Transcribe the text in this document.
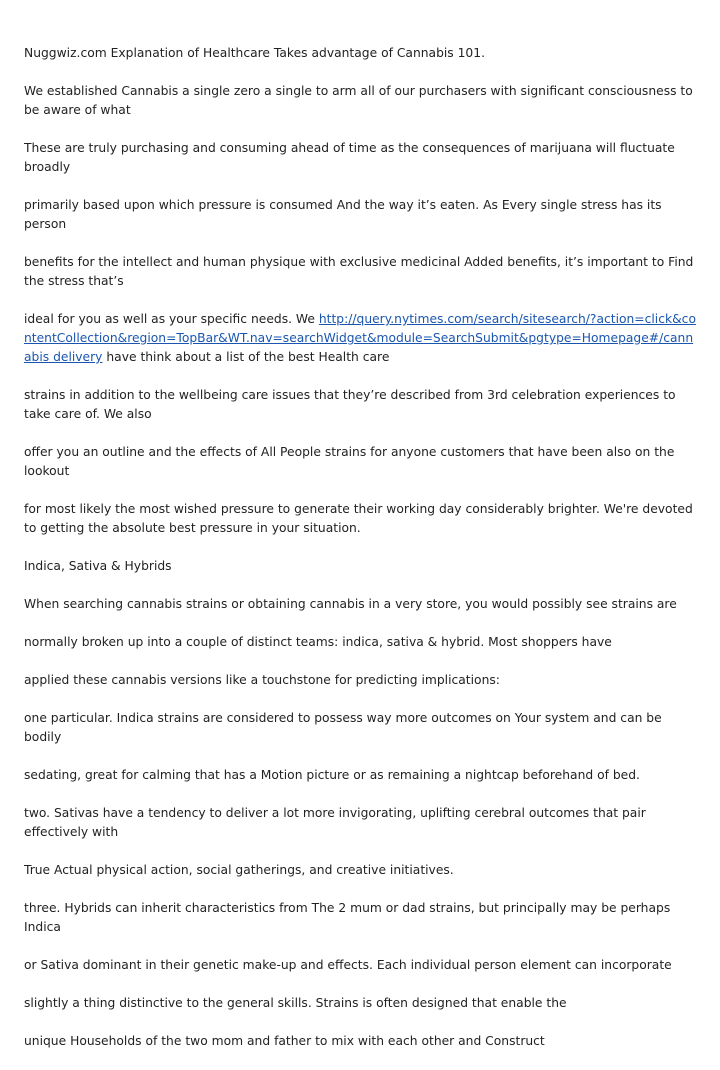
Nuggwiz.com Explanation of Healthcare Takes advantage of Cannabis 101.

We established Cannabis a single zero a single to arm all of our purchasers with significant consciousness to be aware of what

These are truly purchasing and consuming ahead of time as the consequences of marijuana will fluctuate broadly

primarily based upon which pressure is consumed And the way it’s eaten. As Every single stress has its person

benefits for the intellect and human physique with exclusive medicinal Added benefits, it’s important to Find the stress that’s

ideal for you as well as your specific needs. We http://query.nytimes.com/search/sitesearch/?action=click&contentCollection&region=TopBar&WT.nav=searchWidget&module=SearchSubmit&pgtype=Homepage#/cannabis delivery have think about a list of the best Health care

strains in addition to the wellbeing care issues that they’re described from 3rd celebration experiences to take care of. We also

offer you an outline and the effects of All People strains for anyone customers that have been also on the lookout

for most likely the most wished pressure to generate their working day considerably brighter. We're devoted to getting the absolute best pressure in your situation.

Indica, Sativa & Hybrids

When searching cannabis strains or obtaining cannabis in a very store, you would possibly see strains are

normally broken up into a couple of distinct teams: indica, sativa & hybrid. Most shoppers have

applied these cannabis versions like a touchstone for predicting implications:

one particular. Indica strains are considered to possess way more outcomes on Your system and can be bodily

sedating, great for calming that has a Motion picture or as remaining a nightcap beforehand of bed.

two. Sativas have a tendency to deliver a lot more invigorating, uplifting cerebral outcomes that pair effectively with

True Actual physical action, social gatherings, and creative initiatives.

three. Hybrids can inherit characteristics from The 2 mum or dad strains, but principally may be perhaps Indica

or Sativa dominant in their genetic make-up and effects. Each individual person element can incorporate

slightly a thing distinctive to the general skills. Strains is often designed that enable the

unique Households of the two mom and father to mix with each other and Construct
